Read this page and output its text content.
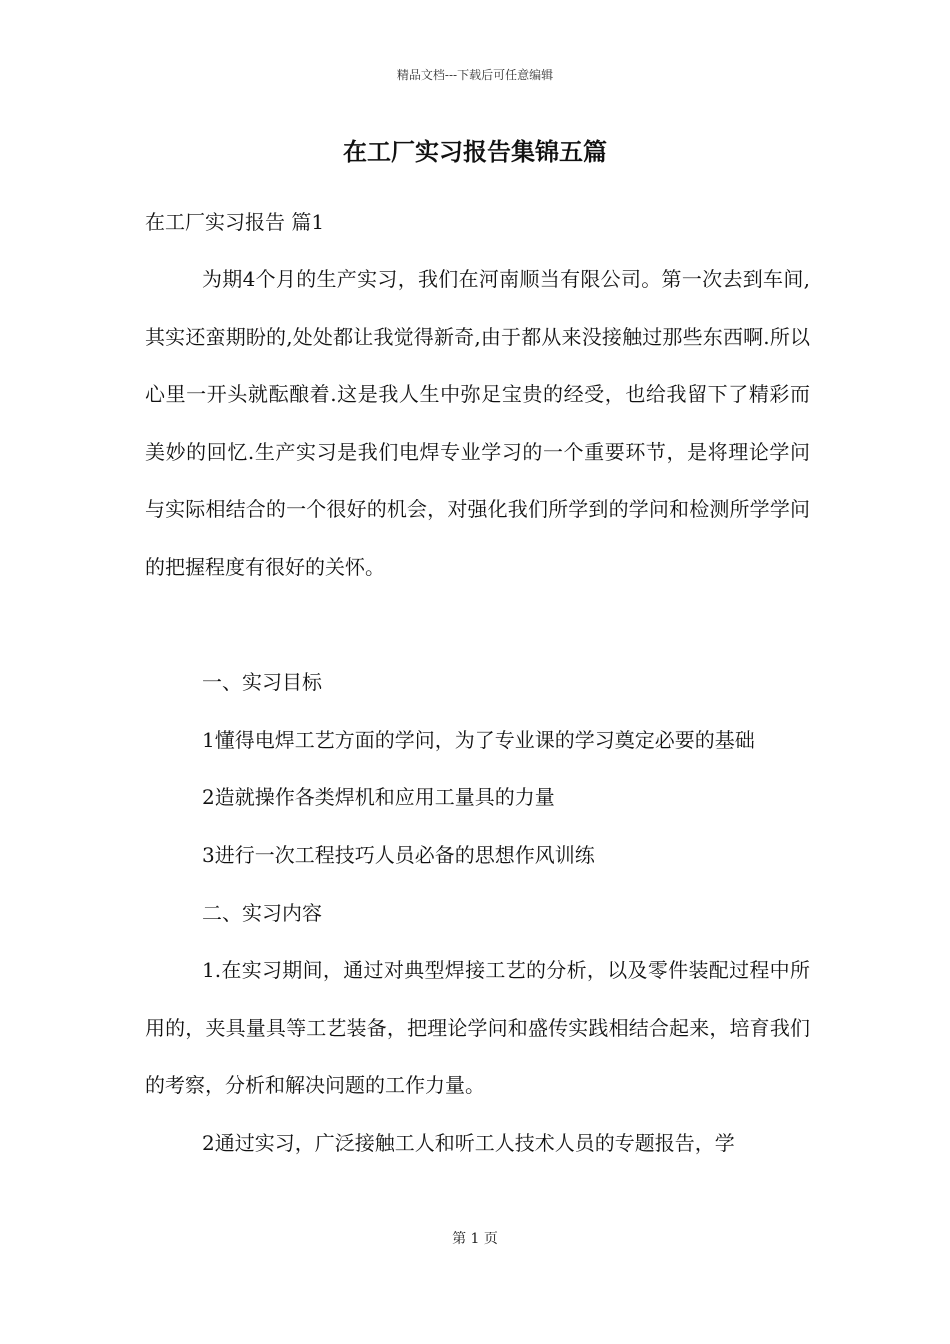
精品文档---下载后可任意编辑
在工厂实习报告集锦五篇
在工厂实习报告 篇1

为期4个月的生产实习，我们在河南顺当有限公司。第一次去到车间,其实还蛮期盼的,处处都让我觉得新奇,由于都从来没接触过那些东西啊.所以心里一开头就酝酿着.这是我人生中弥足宝贵的经受，也给我留下了精彩而美妙的回忆.生产实习是我们电焊专业学习的一个重要环节，是将理论学问与实际相结合的一个很好的机会，对强化我们所学到的学问和检测所学学问的把握程度有很好的关怀。

一、实习目标

1懂得电焊工艺方面的学问，为了专业课的学习奠定必要的基础

2造就操作各类焊机和应用工量具的力量

3进行一次工程技巧人员必备的思想作风训练

二、实习内容

1.在实习期间，通过对典型焊接工艺的分析，以及零件装配过程中所用的，夹具量具等工艺装备，把理论学问和盛传实践相结合起来，培育我们的考察，分析和解决问题的工作力量。

2通过实习，广泛接触工人和听工人技术人员的专题报告，学

第 1 页
